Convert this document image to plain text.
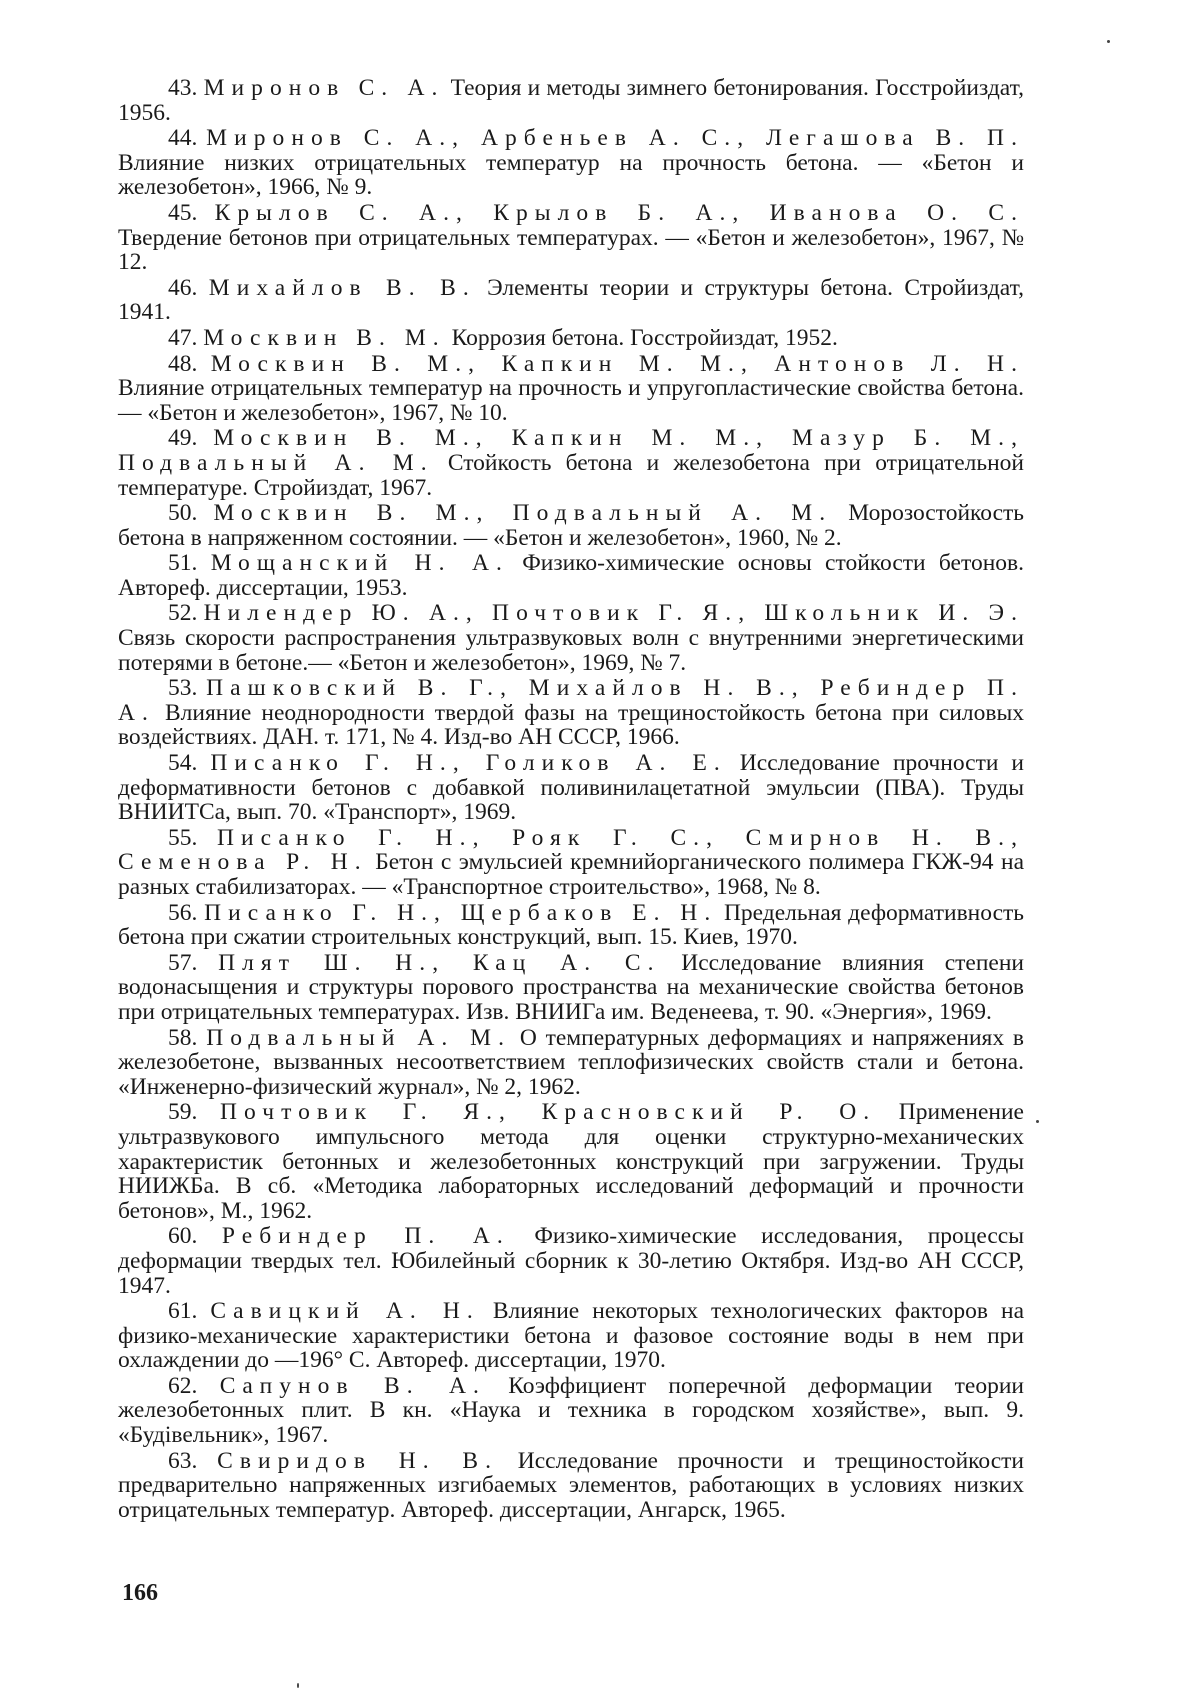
43. Миронов С. А. Теория и методы зимнего бетонирования. Госстройиздат, 1956.
44. Миронов С. А., Арбеньев А. С., Легашова В. П. Влияние низких отрицательных температур на прочность бетона. — «Бетон и железобетон», 1966, № 9.
45. Крылов С. А., Крылов Б. А., Иванова О. С. Твердение бетонов при отрицательных температурах. — «Бетон и железобетон», 1967, № 12.
46. Михайлов В. В. Элементы теории и структуры бетона. Стройиздат, 1941.
47. Москвин В. М. Коррозия бетона. Госстройиздат, 1952.
48. Москвин В. М., Капкин М. М., Антонов Л. Н. Влияние отрицательных температур на прочность и упругопластические свойства бетона. — «Бетон и железобетон», 1967, № 10.
49. Москвин В. М., Капкин М. М., Мазур Б. М., Подвальный А. М. Стойкость бетона и железобетона при отрицательной температуре. Стройиздат, 1967.
50. Москвин В. М., Подвальный А. М. Морозостойкость бетона в напряженном состоянии. — «Бетон и железобетон», 1960, № 2.
51. Мощанский Н. А. Физико-химические основы стойкости бетонов. Автореф. диссертации, 1953.
52. Нилендер Ю. А., Почтовик Г. Я., Школьник И. Э. Связь скорости распространения ультразвуковых волн с внутренними энергетическими потерями в бетоне.— «Бетон и железобетон», 1969, № 7.
53. Пашковский В. Г., Михайлов Н. В., Ребиндер П. А. Влияние неоднородности твердой фазы на трещиностойкость бетона при силовых воздействиях. ДАН. т. 171, № 4. Изд-во АН СССР, 1966.
54. Писанко Г. Н., Голиков А. Е. Исследование прочности и деформативности бетонов с добавкой поливинилацетатной эмульсии (ПВА). Труды ВНИИТСа, вып. 70. «Транспорт», 1969.
55. Писанко Г. Н., Рояк Г. С., Смирнов Н. В., Семенова Р. Н. Бетон с эмульсией кремнийорганического полимера ГКЖ-94 на разных стабилизаторах. — «Транспортное строительство», 1968, № 8.
56. Писанко Г. Н., Щербаков Е. Н. Предельная деформативность бетона при сжатии строительных конструкций, вып. 15. Киев, 1970.
57. Плят Ш. Н., Кац А. С. Исследование влияния степени водонасыщения и структуры порового пространства на механические свойства бетонов при отрицательных температурах. Изв. ВНИИГа им. Веденеева, т. 90. «Энергия», 1969.
58. Подвальный А. М. О температурных деформациях и напряжениях в железобетоне, вызванных несоответствием теплофизических свойств стали и бетона. «Инженерно-физический журнал», № 2, 1962.
59. Почтовик Г. Я., Красновский Р. О. Применение ультразвукового импульсного метода для оценки структурно-механических характеристик бетонных и железобетонных конструкций при загружении. Труды НИИЖБа. В сб. «Методика лабораторных исследований деформаций и прочности бетонов», М., 1962.
60. Ребиндер П. А. Физико-химические исследования, процессы деформации твердых тел. Юбилейный сборник к 30-летию Октября. Изд-во АН СССР, 1947.
61. Савицкий А. Н. Влияние некоторых технологических факторов на физико-механические характеристики бетона и фазовое состояние воды в нем при охлаждении до —196° С. Автореф. диссертации, 1970.
62. Сапунов В. А. Коэффициент поперечной деформации теории железобетонных плит. В кн. «Наука и техника в городском хозяйстве», вып. 9. «Будівельник», 1967.
63. Свиридов Н. В. Исследование прочности и трещиностойкости предварительно напряженных изгибаемых элементов, работающих в условиях низких отрицательных температур. Автореф. диссертации, Ангарск, 1965.
166
